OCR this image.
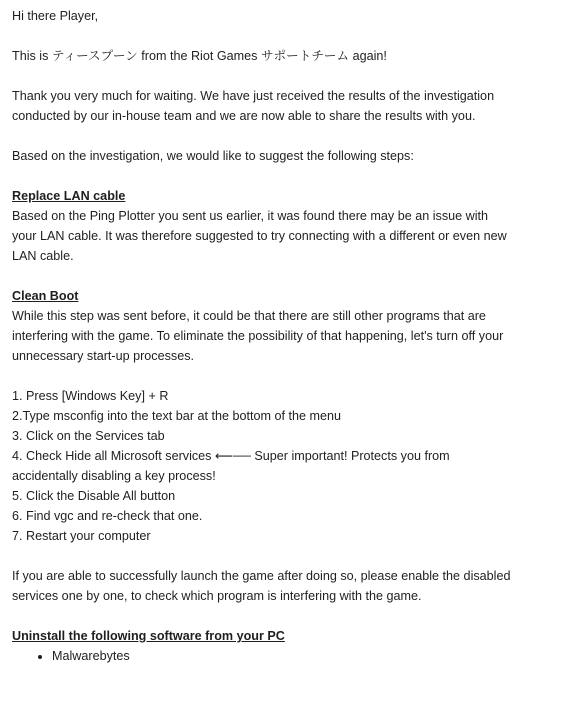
Hi there Player,

This is ティースプーン from the Riot Games サポートチーム again!

Thank you very much for waiting. We have just received the results of the investigation conducted by our in-house team and we are now able to share the results with you.

Based on the investigation, we would like to suggest the following steps:

Replace LAN cable

Based on the Ping Plotter you sent us earlier, it was found there may be an issue with your LAN cable. It was therefore suggested to try connecting with a different or even new LAN cable.

Clean Boot

While this step was sent before, it could be that there are still other programs that are interfering with the game. To eliminate the possibility of that happening, let's turn off your unnecessary start-up processes.

1. Press [Windows Key] + R
2.Type msconfig into the text bar at the bottom of the menu
3. Click on the Services tab
4. Check Hide all Microsoft services ⟵── Super important! Protects you from accidentally disabling a key process!
5. Click the Disable All button
6. Find vgc and re-check that one.
7. Restart your computer

If you are able to successfully launch the game after doing so, please enable the disabled services one by one, to check which program is interfering with the game.

Uninstall the following software from your PC
• Malwarebytes
